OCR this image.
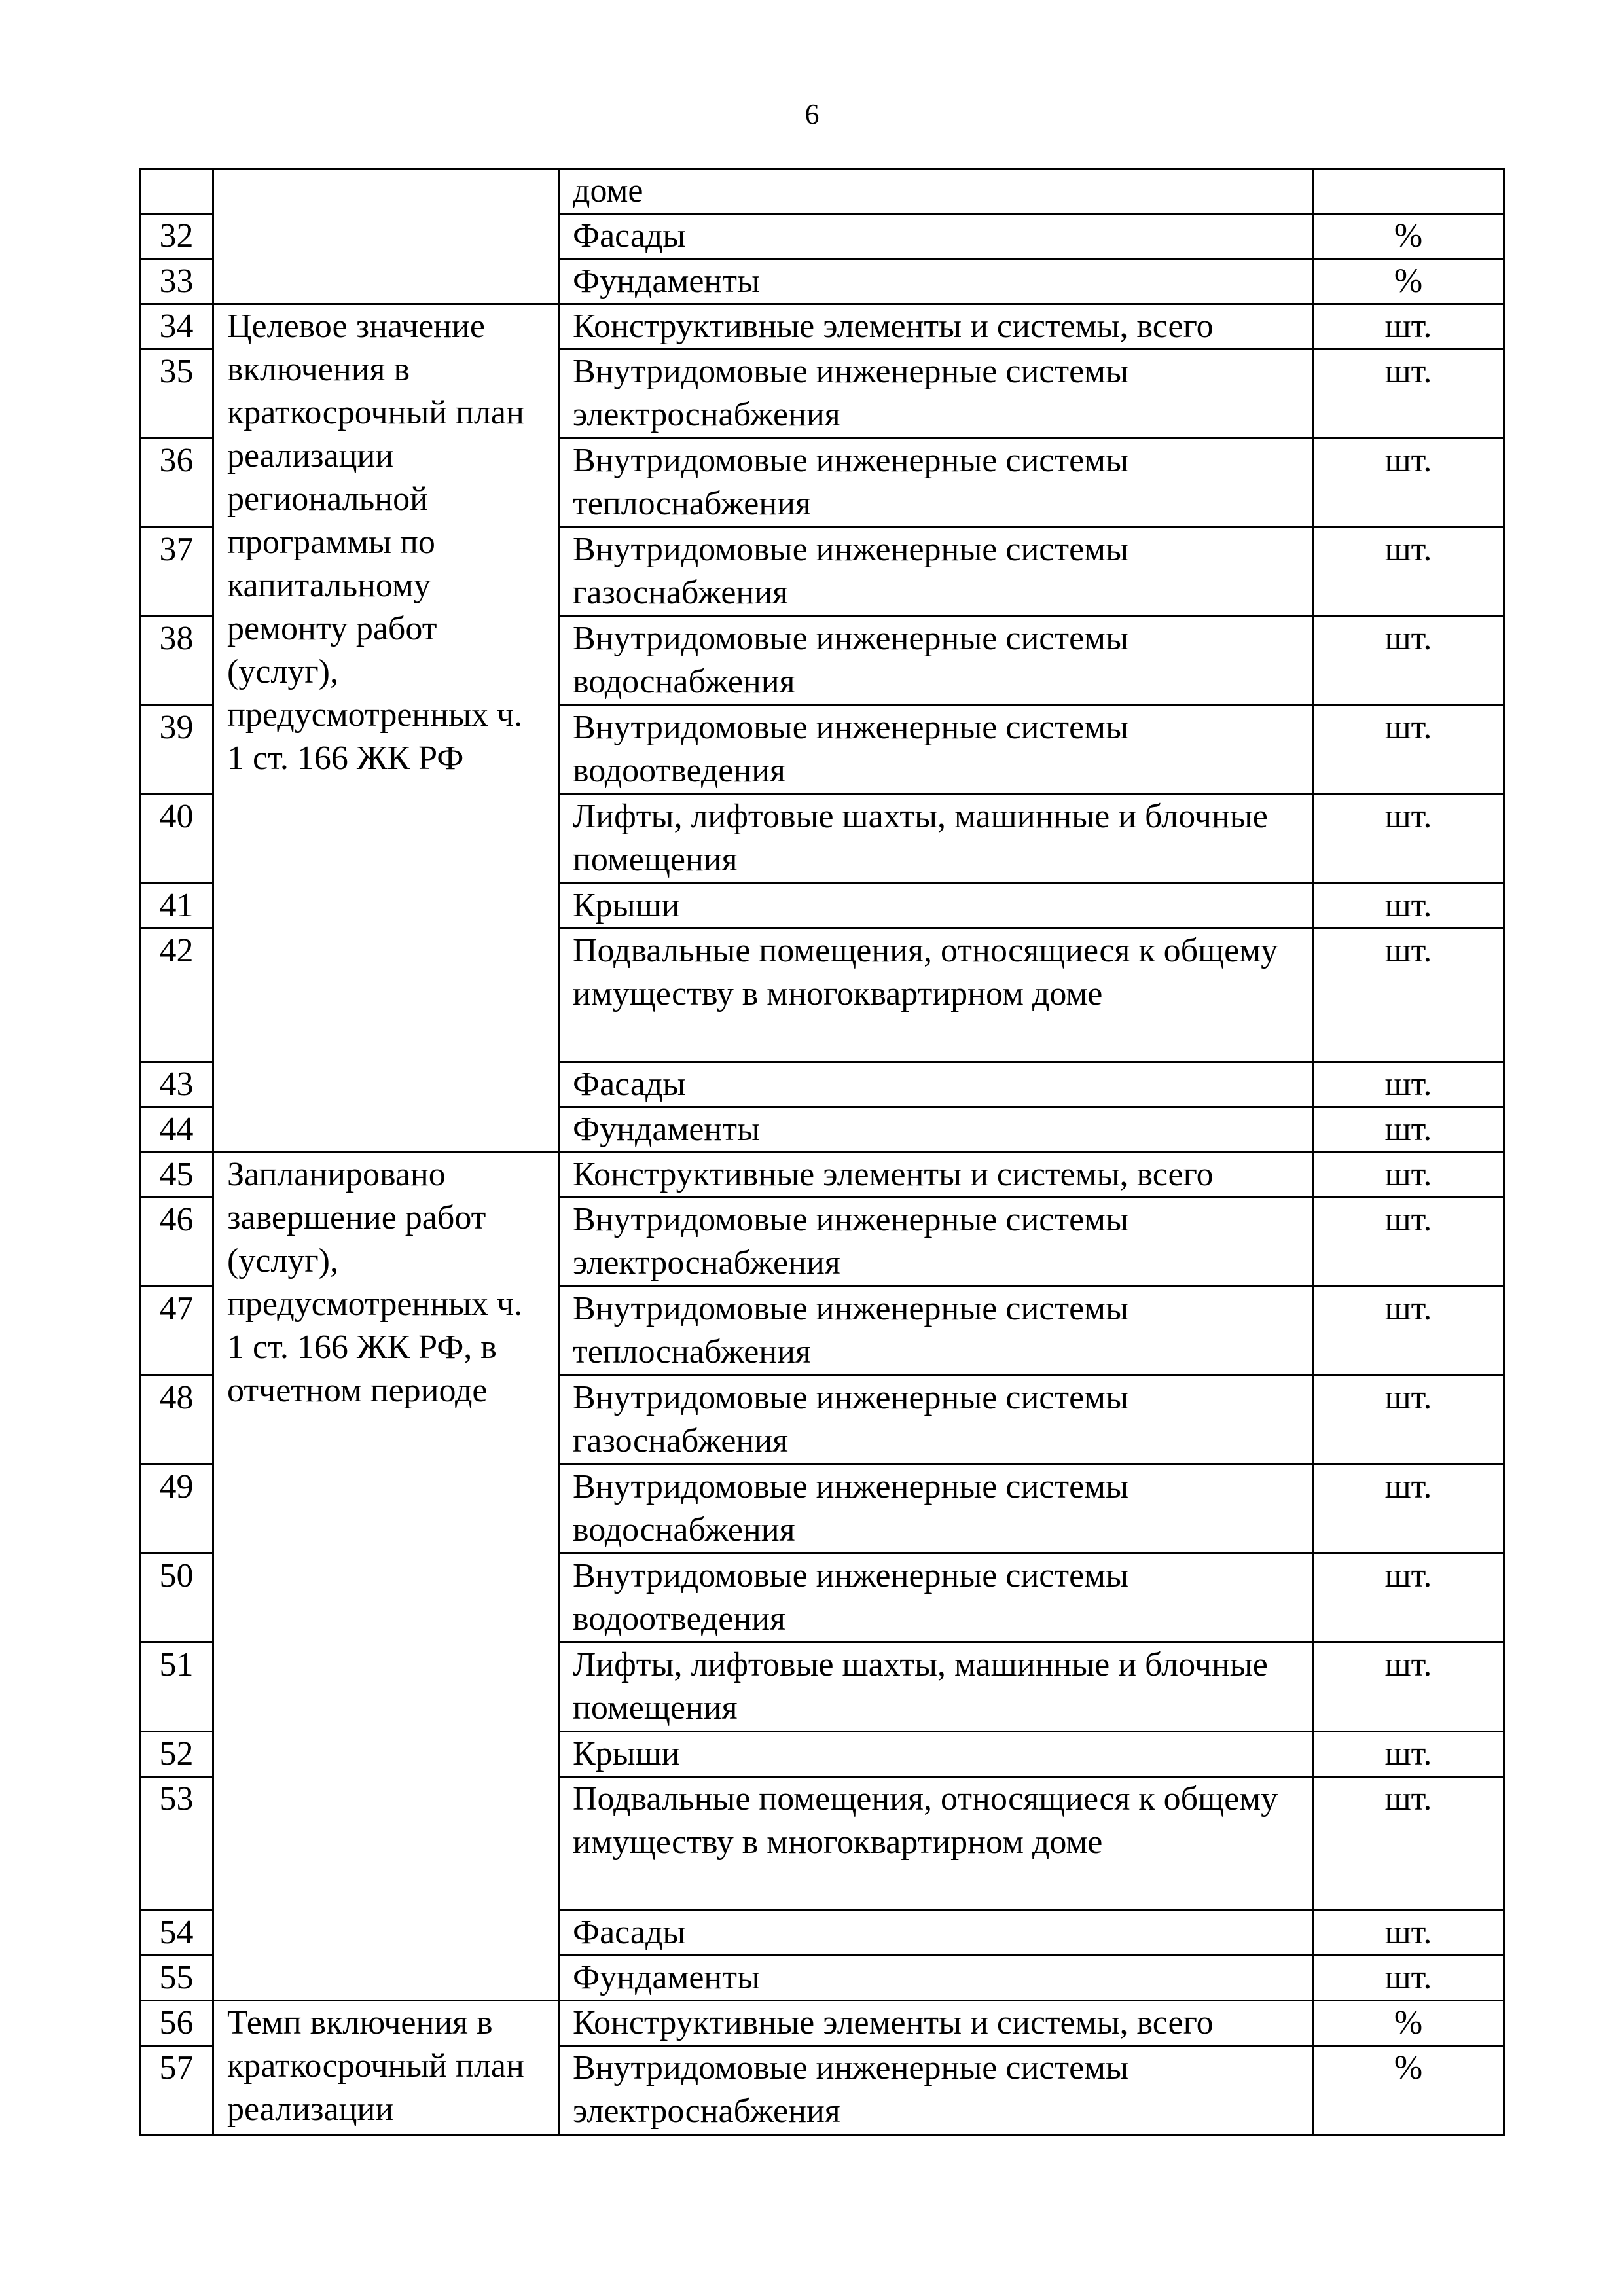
6
		доме	
32		Фасады	%
33		Фундаменты	%
34	Целевое значение включения в краткосрочный план реализации региональной программы по капитальному ремонту работ (услуг), предусмотренных ч. 1 ст. 166 ЖК РФ	Конструктивные элементы и системы, всего	шт.
35		Внутридомовые инженерные системы электроснабжения	шт.
36		Внутридомовые инженерные системы теплоснабжения	шт.
37		Внутридомовые инженерные системы газоснабжения	шт.
38		Внутридомовые инженерные системы водоснабжения	шт.
39		Внутридомовые инженерные системы водоотведения	шт.
40		Лифты, лифтовые шахты, машинные и блочные помещения	шт.
41		Крыши	шт.
42		Подвальные помещения, относящиеся к общему имуществу в многоквартирном доме	шт.
43		Фасады	шт.
44		Фундаменты	шт.
45	Запланировано завершение работ (услуг), предусмотренных ч. 1 ст. 166 ЖК РФ, в отчетном периоде	Конструктивные элементы и системы, всего	шт.
46		Внутридомовые инженерные системы электроснабжения	шт.
47		Внутридомовые инженерные системы теплоснабжения	шт.
48		Внутридомовые инженерные системы газоснабжения	шт.
49		Внутридомовые инженерные системы водоснабжения	шт.
50		Внутридомовые инженерные системы водоотведения	шт.
51		Лифты, лифтовые шахты, машинные и блочные помещения	шт.
52		Крыши	шт.
53		Подвальные помещения, относящиеся к общему имуществу в многоквартирном доме	шт.
54		Фасады	шт.
55		Фундаменты	шт.
56	Темп включения в краткосрочный план реализации	Конструктивные элементы и системы, всего	%
57		Внутридомовые инженерные системы электроснабжения	%
